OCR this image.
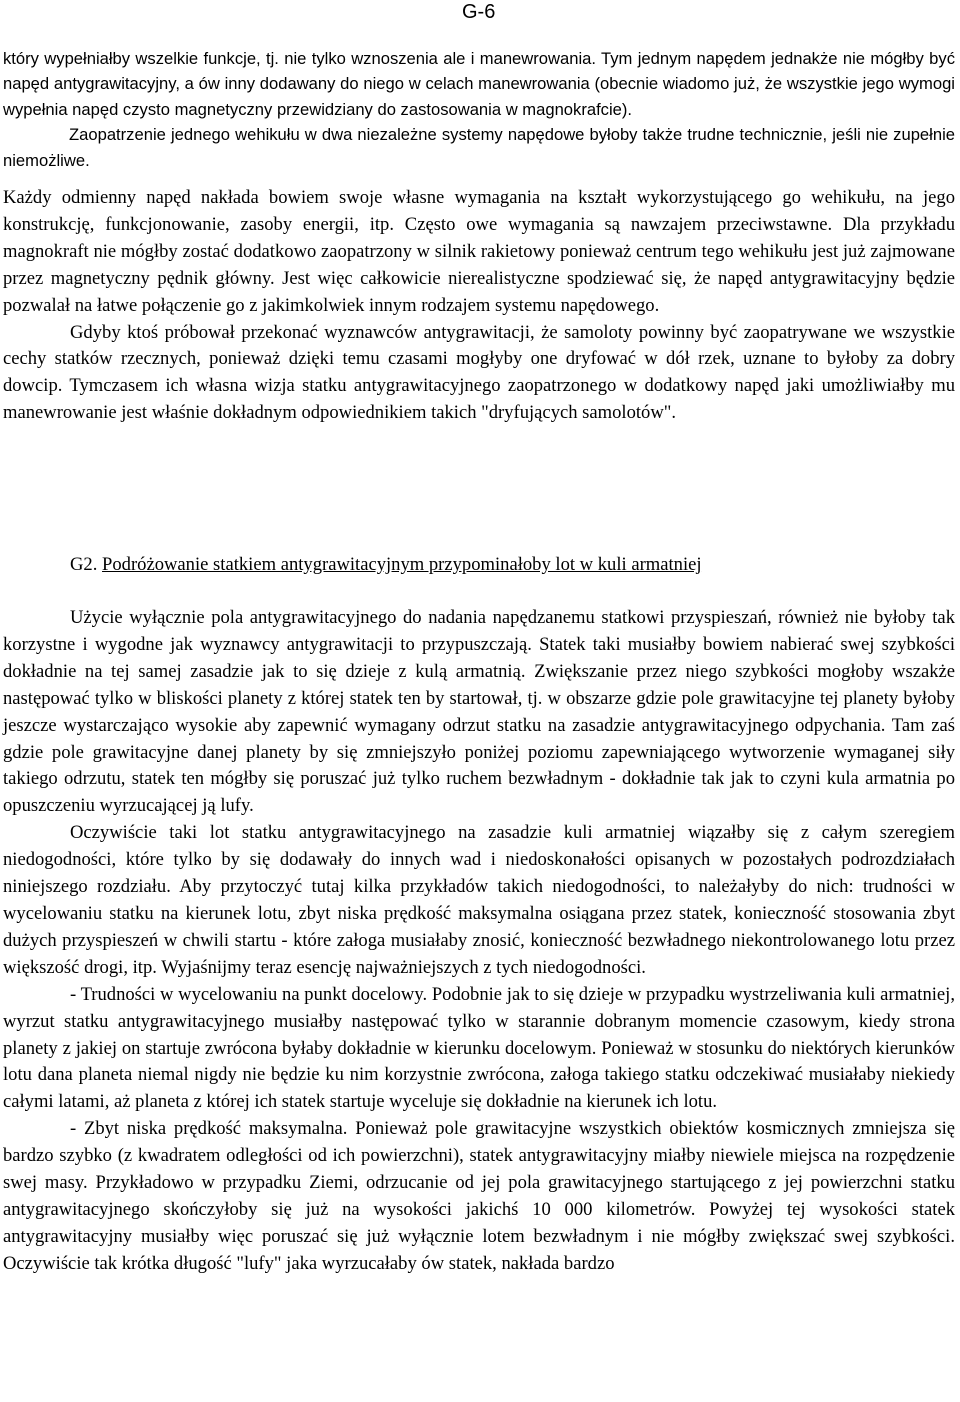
G-6

który wypełniałby wszelkie funkcje, tj. nie tylko wznoszenia ale i manewrowania. Tym jednym napędem jednakże nie mógłby być napęd antygrawitacyjny, a ów inny dodawany do niego w celach manewrowania (obecnie wiadomo już, że wszystkie jego wymogi wypełnia napęd czysto magnetyczny przewidziany do zastosowania w magnokrafcie).

Zaopatrzenie jednego wehikułu w dwa niezależne systemy napędowe byłoby także trudne technicznie, jeśli nie zupełnie niemożliwe.

Każdy odmienny napęd nakłada bowiem swoje własne wymagania na kształt wykorzystującego go wehikułu, na jego konstrukcję, funkcjonowanie, zasoby energii, itp. Często owe wymagania są nawzajem przeciwstawne. Dla przykładu magnokraft nie mógłby zostać dodatkowo zaopatrzony w silnik rakietowy ponieważ centrum tego wehikułu jest już zajmowane przez magnetyczny pędnik główny. Jest więc całkowicie nierealistyczne spodziewać się, że napęd antygrawitacyjny będzie pozwalał na łatwe połączenie go z jakimkolwiek innym rodzajem systemu napędowego.

Gdyby ktoś próbował przekonać wyznawców antygrawitacji, że samoloty powinny być zaopatrywane we wszystkie cechy statków rzecznych, ponieważ dzięki temu czasami mogłyby one dryfować w dół rzek, uznane to byłoby za dobry dowcip. Tymczasem ich własna wizja statku antygrawitacyjnego zaopatrzonego w dodatkowy napęd jaki umożliwiałby mu manewrowanie jest właśnie dokładnym odpowiednikiem takich "dryfujących samolotów".

G2. Podróżowanie statkiem antygrawitacyjnym przypominałoby lot w kuli armatniej

Użycie wyłącznie pola antygrawitacyjnego do nadania napędzanemu statkowi przyspieszań, również nie byłoby tak korzystne i wygodne jak wyznawcy antygrawitacji to przypuszczają. Statek taki musiałby bowiem nabierać swej szybkości dokładnie na tej samej zasadzie jak to się dzieje z kulą armatnią. Zwiększanie przez niego szybkości mogłoby wszakże następować tylko w bliskości planety z której statek ten by startował, tj. w obszarze gdzie pole grawitacyjne tej planety byłoby jeszcze wystarczająco wysokie aby zapewnić wymagany odrzut statku na zasadzie antygrawitacyjnego odpychania. Tam zaś gdzie pole grawitacyjne danej planety by się zmniejszyło poniżej poziomu zapewniającego wytworzenie wymaganej siły takiego odrzutu, statek ten mógłby się poruszać już tylko ruchem bezwładnym - dokładnie tak jak to czyni kula armatnia po opuszczeniu wyrzucającej ją lufy.

Oczywiście taki lot statku antygrawitacyjnego na zasadzie kuli armatniej wiązałby się z całym szeregiem niedogodności, które tylko by się dodawały do innych wad i niedoskonałości opisanych w pozostałych podrozdziałach niniejszego rozdziału. Aby przytoczyć tutaj kilka przykładów takich niedogodności, to należałyby do nich: trudności w wycelowaniu statku na kierunek lotu, zbyt niska prędkość maksymalna osiągana przez statek, konieczność stosowania zbyt dużych przyspieszeń w chwili startu - które załoga musiałaby znosić, konieczność bezwładnego niekontrolowanego lotu przez większość drogi, itp. Wyjaśnijmy teraz esencję najważniejszych z tych niedogodności.

- Trudności w wycelowaniu na punkt docelowy. Podobnie jak to się dzieje w przypadku wystrzeliwania kuli armatniej, wyrzut statku antygrawitacyjnego musiałby następować tylko w starannie dobranym momencie czasowym, kiedy strona planety z jakiej on startuje zwrócona byłaby dokładnie w kierunku docelowym. Ponieważ w stosunku do niektórych kierunków lotu dana planeta niemal nigdy nie będzie ku nim korzystnie zwrócona, załoga takiego statku odczekiwać musiałaby niekiedy całymi latami, aż planeta z której ich statek startuje wyceluje się dokładnie na kierunek ich lotu.

- Zbyt niska prędkość maksymalna. Ponieważ pole grawitacyjne wszystkich obiektów kosmicznych zmniejsza się bardzo szybko (z kwadratem odległości od ich powierzchni), statek antygrawitacyjny miałby niewiele miejsca na rozpędzenie swej masy. Przykładowo w przypadku Ziemi, odrzucanie od jej pola grawitacyjnego startującego z jej powierzchni statku antygrawitacyjnego skończyłoby się już na wysokości jakichś 10 000 kilometrów. Powyżej tej wysokości statek antygrawitacyjny musiałby więc poruszać się już wyłącznie lotem bezwładnym i nie mógłby zwiększać swej szybkości. Oczywiście tak krótka długość "lufy" jaka wyrzucałaby ów statek, nakłada bardzo
